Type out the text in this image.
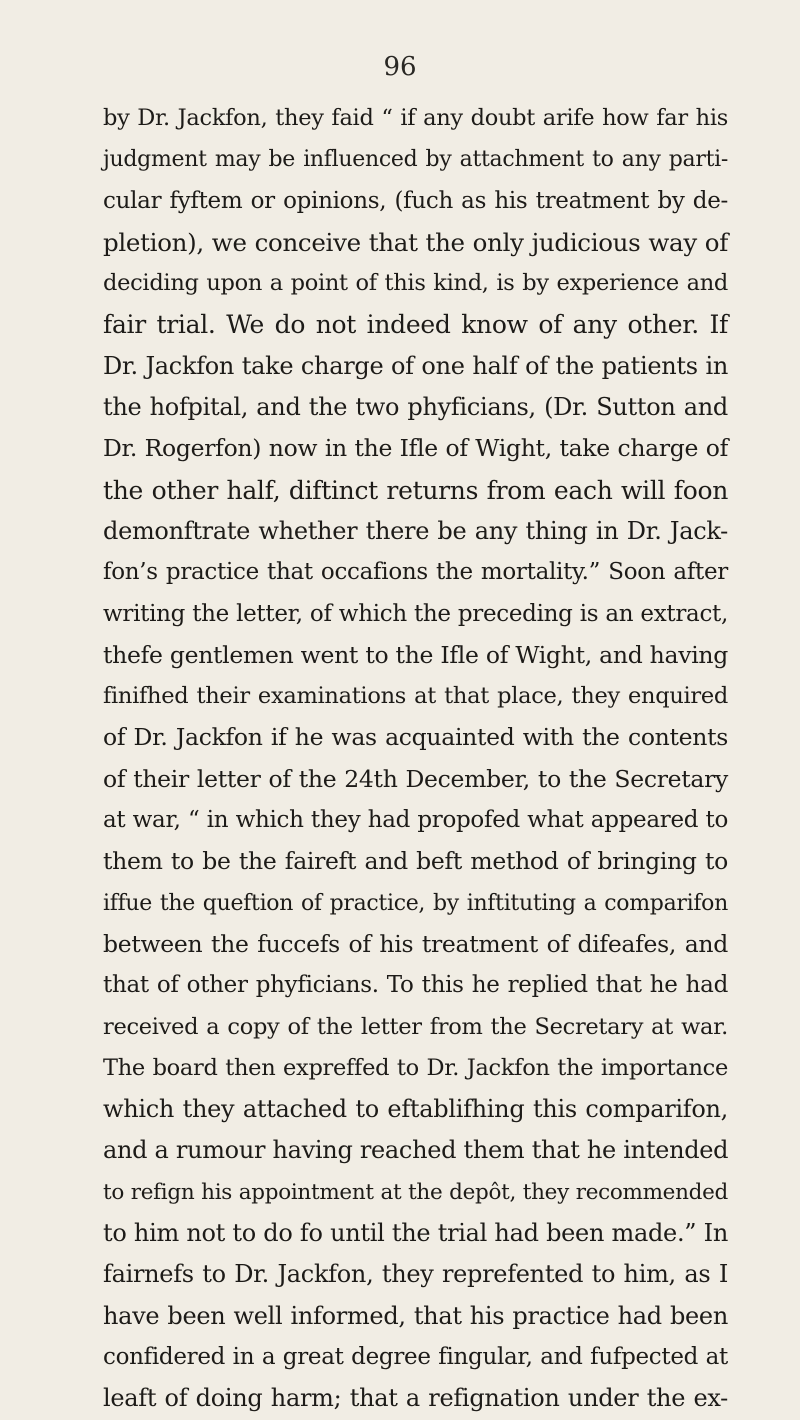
96
by Dr. Jackfon, they faid “ if any doubt arife how far his
judgment may be influenced by attachment to any parti-
cular fyftem or opinions, (fuch as his treatment by de-
pletion), we conceive that the only judicious way of
deciding upon a point of this kind, is by experience and
fair trial. We do not indeed know of any other. If
Dr. Jackfon take charge of one half of the patients in
the hofpital, and the two phyficians, (Dr. Sutton and
Dr. Rogerfon) now in the Ifle of Wight, take charge of
the other half, diftinct returns from each will foon
demonftrate whether there be any thing in Dr. Jack-
fon’s practice that occafions the mortality.” Soon after
writing the letter, of which the preceding is an extract,
thefe gentlemen went to the Ifle of Wight, and having
finifhed their examinations at that place, they enquired
of Dr. Jackfon if he was acquainted with the contents
of their letter of the 24th December, to the Secretary
at war, “ in which they had propofed what appeared to
them to be the faireft and beft method of bringing to
iffue the queftion of practice, by inftituting a comparifon
between the fuccefs of his treatment of difeafes, and
that of other phyficians. To this he replied that he had
received a copy of the letter from the Secretary at war.
The board then expreffed to Dr. Jackfon the importance
which they attached to eftablifhing this comparifon,
and a rumour having reached them that he intended
to refign his appointment at the depôt, they recommended
to him not to do fo until the trial had been made.” In
fairnefs to Dr. Jackfon, they reprefented to him, as I
have been well informed, that his practice had been
confidered in a great degree fingular, and fufpected at
leaft of doing harm; that a refignation under the ex-
